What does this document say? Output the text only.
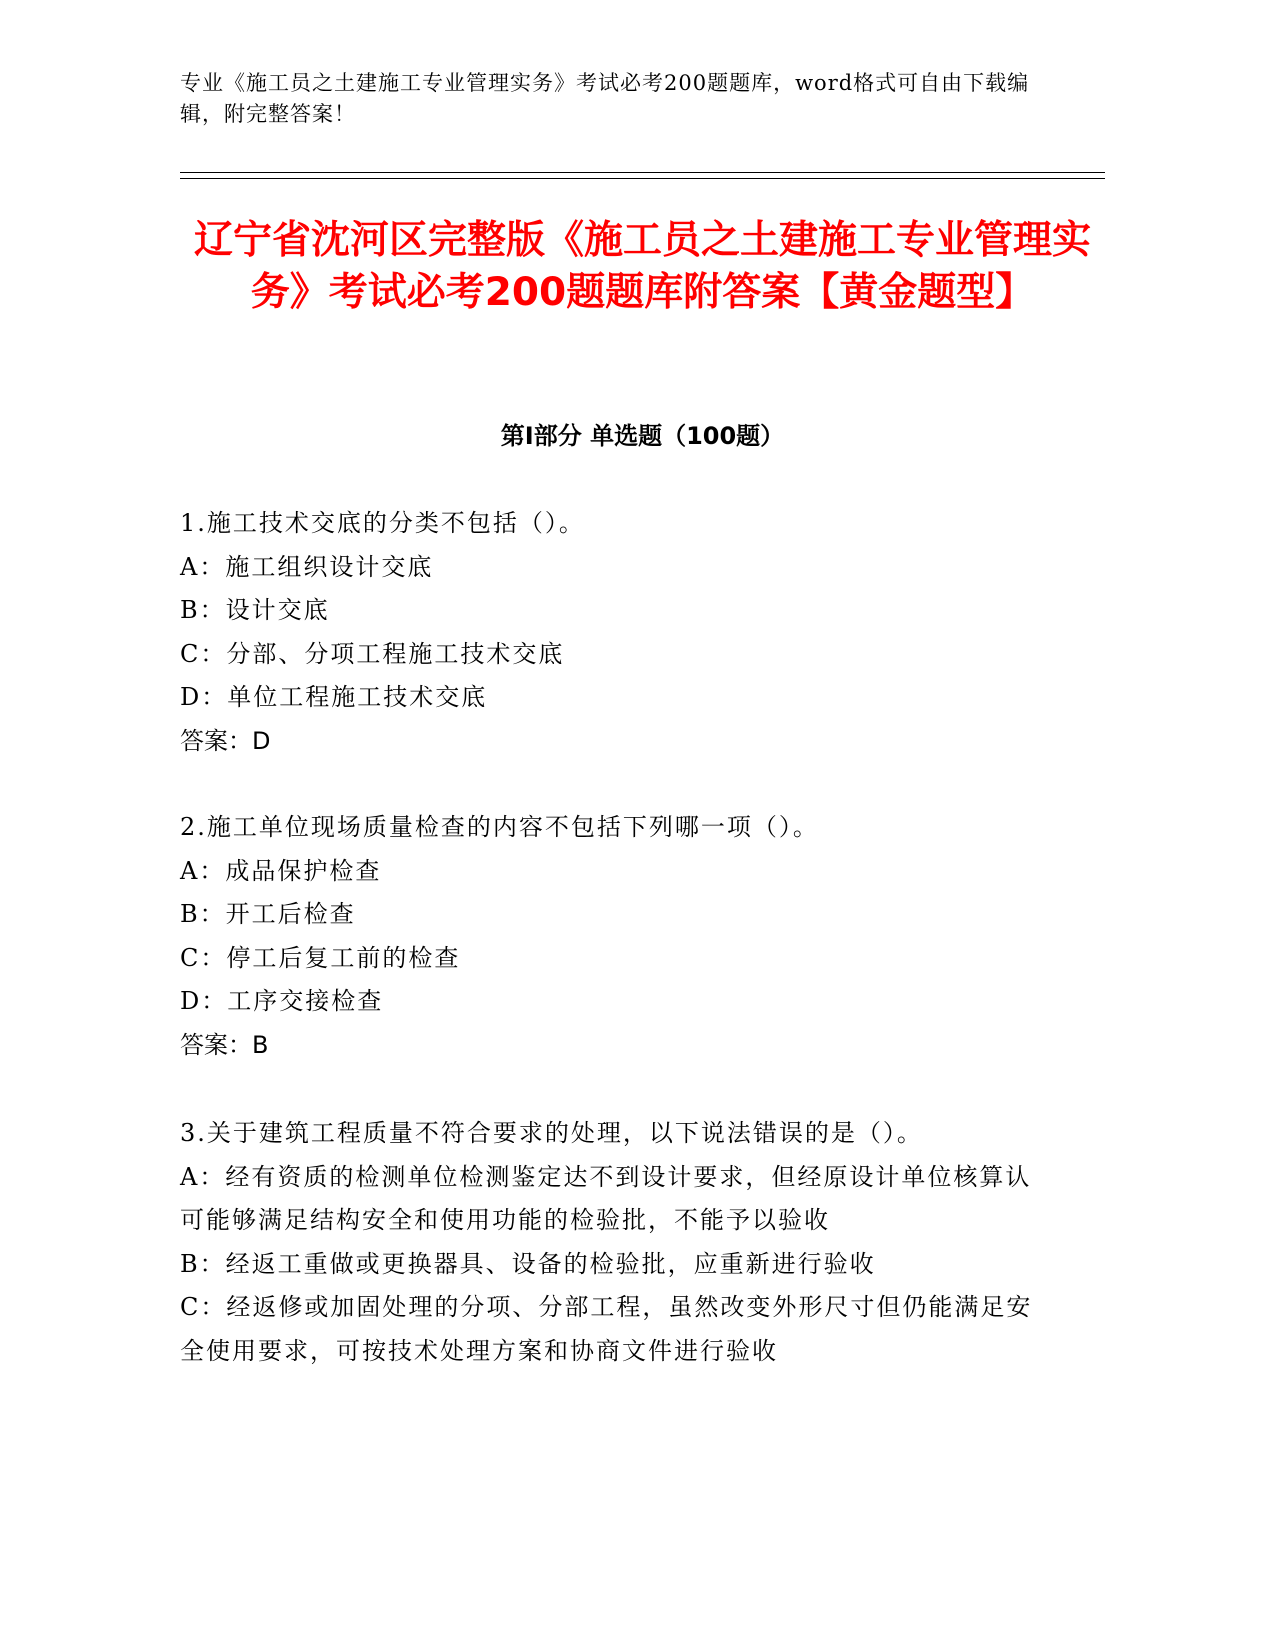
专业《施工员之土建施工专业管理实务》考试必考200题题库，word格式可自由下载编辑，附完整答案！

辽宁省沈河区完整版《施工员之土建施工专业管理实务》考试必考200题题库附答案【黄金题型】
第Ⅰ部分 单选题（100题）

1.施工技术交底的分类不包括（）。

A：施工组织设计交底

B：设计交底

C：分部、分项工程施工技术交底

D：单位工程施工技术交底

答案：D

2.施工单位现场质量检查的内容不包括下列哪一项（）。

A：成品保护检查

B：开工后检查

C：停工后复工前的检查

D：工序交接检查

答案：B

3.关于建筑工程质量不符合要求的处理，以下说法错误的是（）。

A：经有资质的检测单位检测鉴定达不到设计要求，但经原设计单位核算认可能够满足结构安全和使用功能的检验批，不能予以验收

B：经返工重做或更换器具、设备的检验批，应重新进行验收

C：经返修或加固处理的分项、分部工程，虽然改变外形尺寸但仍能满足安全使用要求，可按技术处理方案和协商文件进行验收
